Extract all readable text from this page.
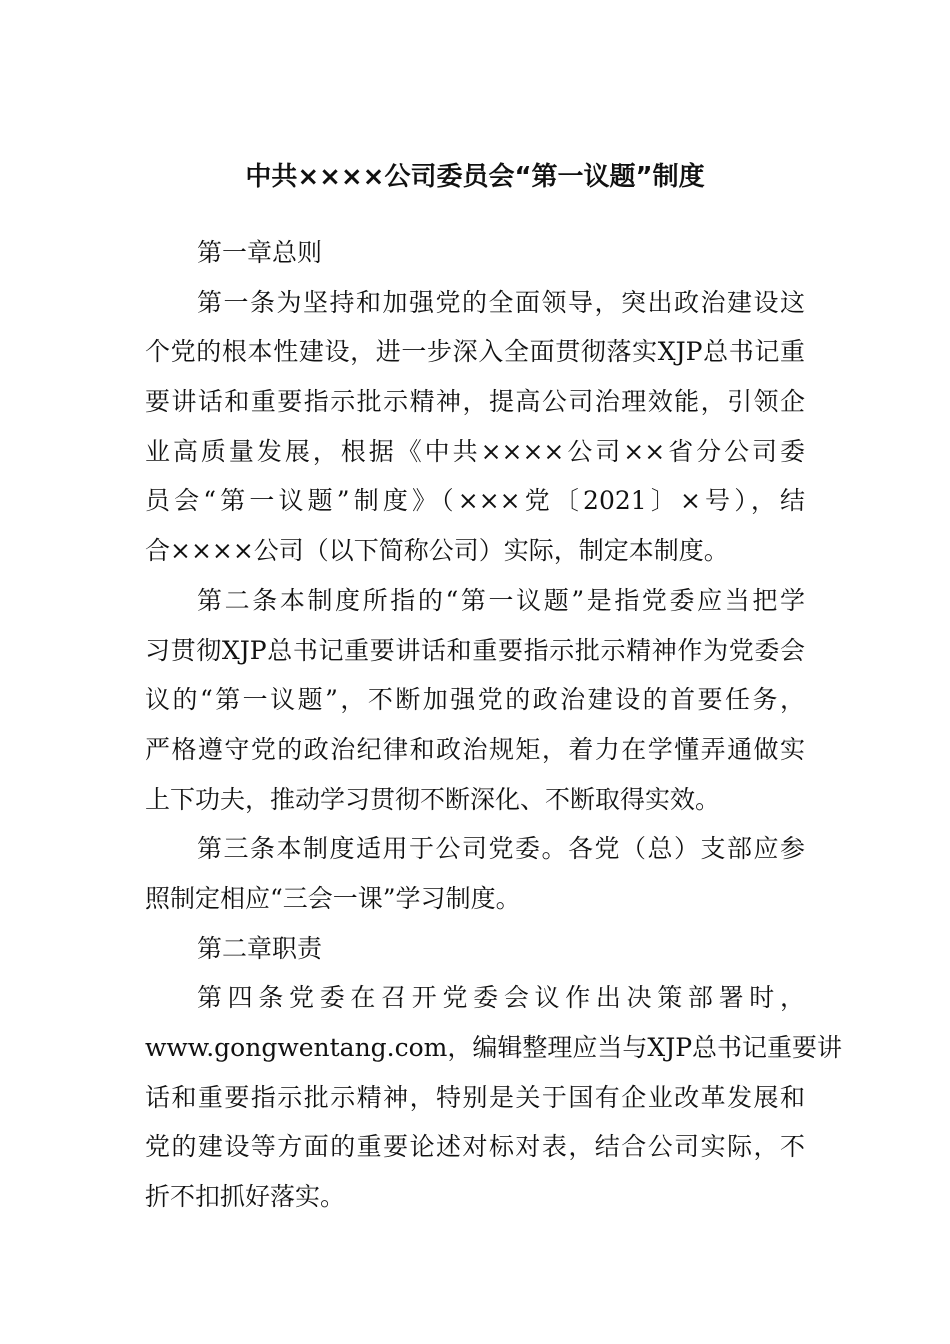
中共××××公司委员会“第一议题”制度
第一章总则
第一条为坚持和加强党的全面领导，突出政治建设这
个党的根本性建设，进一步深入全面贯彻落实XJP总书记重
要讲话和重要指示批示精神，提高公司治理效能，引领企
业高质量发展，根据《中共××××公司××省分公司委
员会“第一议题”制度》（×××党〔2021〕×号），结
合××××公司（以下简称公司）实际，制定本制度。
第二条本制度所指的“第一议题”是指党委应当把学
习贯彻XJP总书记重要讲话和重要指示批示精神作为党委会
议的“第一议题”，不断加强党的政治建设的首要任务，
严格遵守党的政治纪律和政治规矩，着力在学懂弄通做实
上下功夫，推动学习贯彻不断深化、不断取得实效。
第三条本制度适用于公司党委。各党（总）支部应参
照制定相应“三会一课”学习制度。
第二章职责
第四条党委在召开党委会议作出决策部署时，
www.gongwentang.com，编辑整理应当与XJP总书记重要讲
话和重要指示批示精神，特别是关于国有企业改革发展和
党的建设等方面的重要论述对标对表，结合公司实际，不
折不扣抓好落实。
